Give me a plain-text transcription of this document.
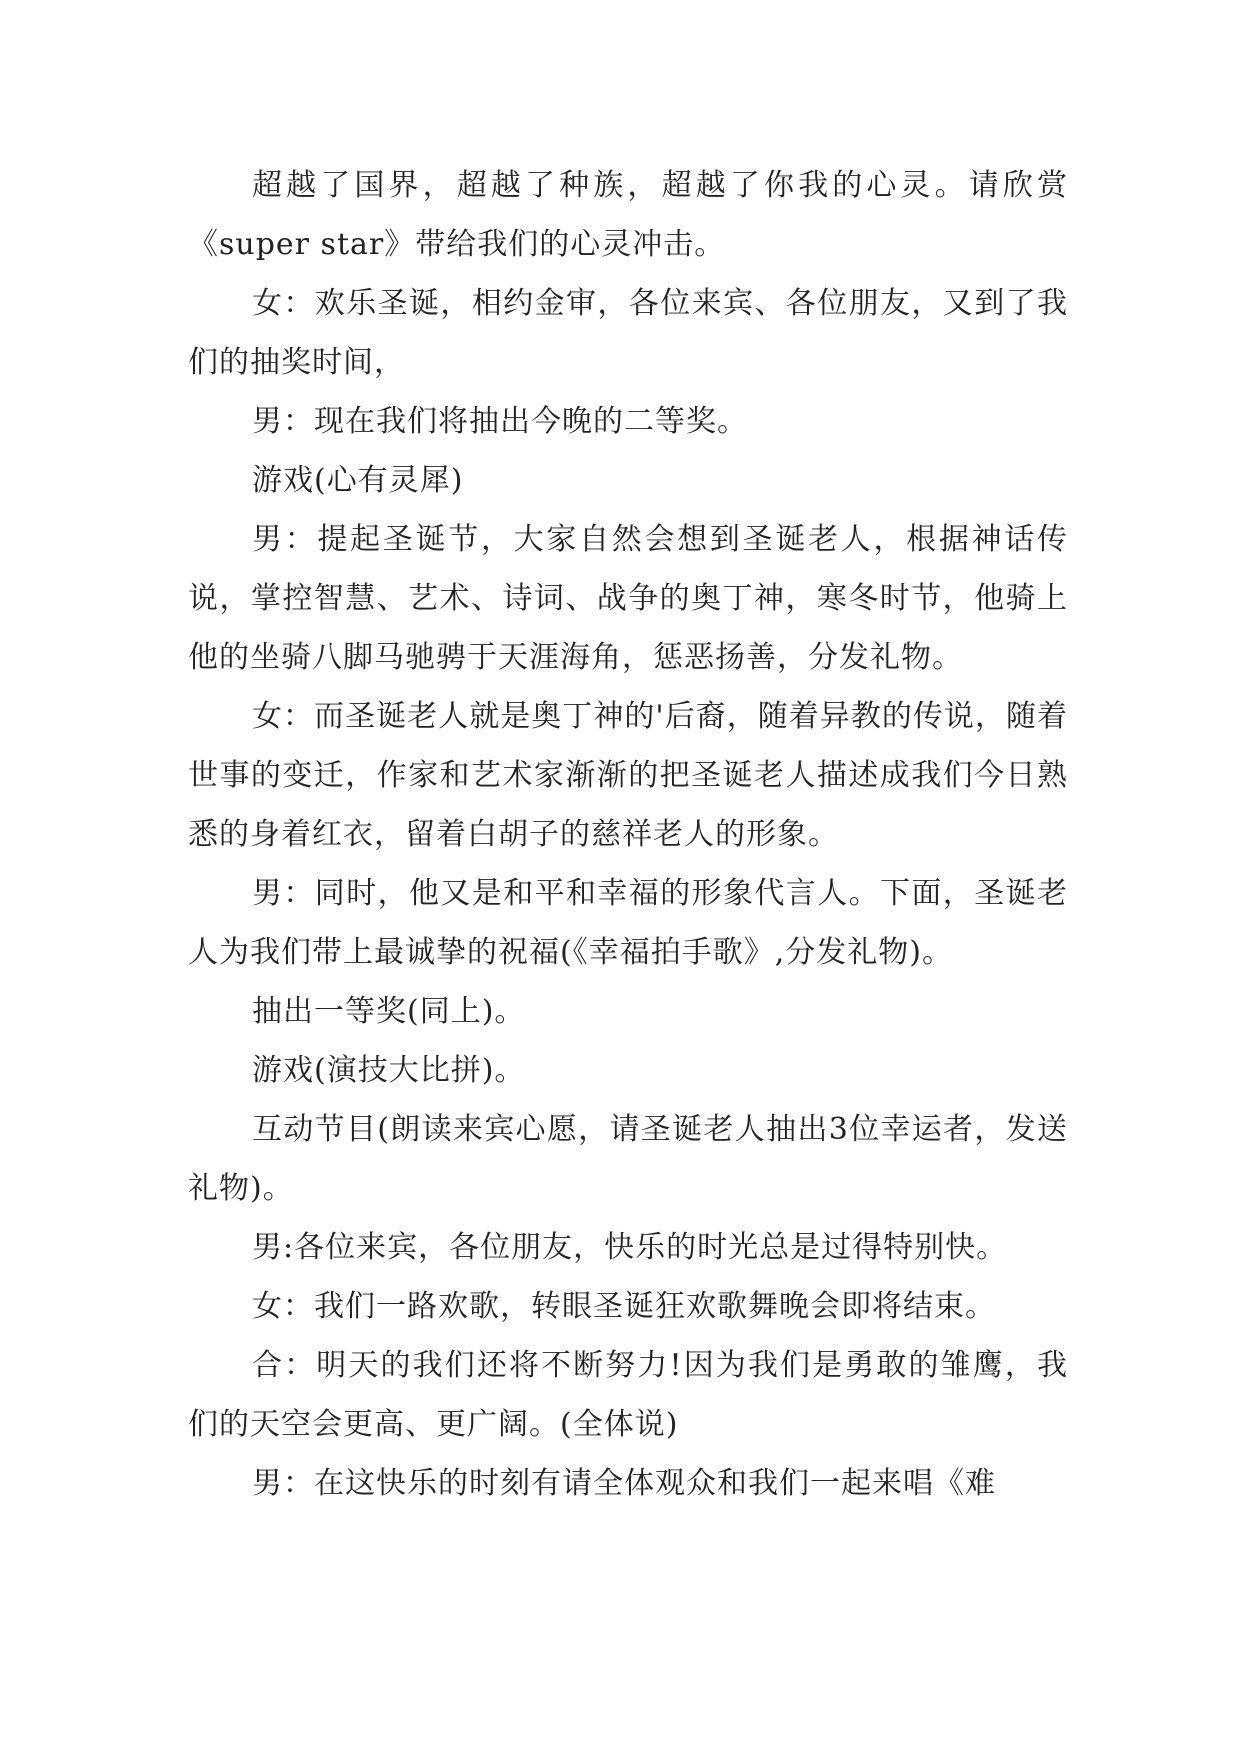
超越了国界，超越了种族，超越了你我的心灵。请欣赏《super star》带给我们的心灵冲击。

女：欢乐圣诞，相约金审，各位来宾、各位朋友，又到了我们的抽奖时间，

男：现在我们将抽出今晚的二等奖。

游戏(心有灵犀)

男：提起圣诞节，大家自然会想到圣诞老人，根据神话传说，掌控智慧、艺术、诗词、战争的奥丁神，寒冬时节，他骑上他的坐骑八脚马驰骋于天涯海角，惩恶扬善，分发礼物。

女：而圣诞老人就是奥丁神的'后裔，随着异教的传说，随着世事的变迁，作家和艺术家渐渐的把圣诞老人描述成我们今日熟悉的身着红衣，留着白胡子的慈祥老人的形象。

男：同时，他又是和平和幸福的形象代言人。下面，圣诞老人为我们带上最诚挚的祝福(《幸福拍手歌》,分发礼物)。

抽出一等奖(同上)。

游戏(演技大比拼)。

互动节目(朗读来宾心愿，请圣诞老人抽出3位幸运者，发送礼物)。

男:各位来宾，各位朋友，快乐的时光总是过得特别快。

女：我们一路欢歌，转眼圣诞狂欢歌舞晚会即将结束。

合：明天的我们还将不断努力!因为我们是勇敢的雏鹰，我们的天空会更高、更广阔。(全体说)

男：在这快乐的时刻有请全体观众和我们一起来唱《难
